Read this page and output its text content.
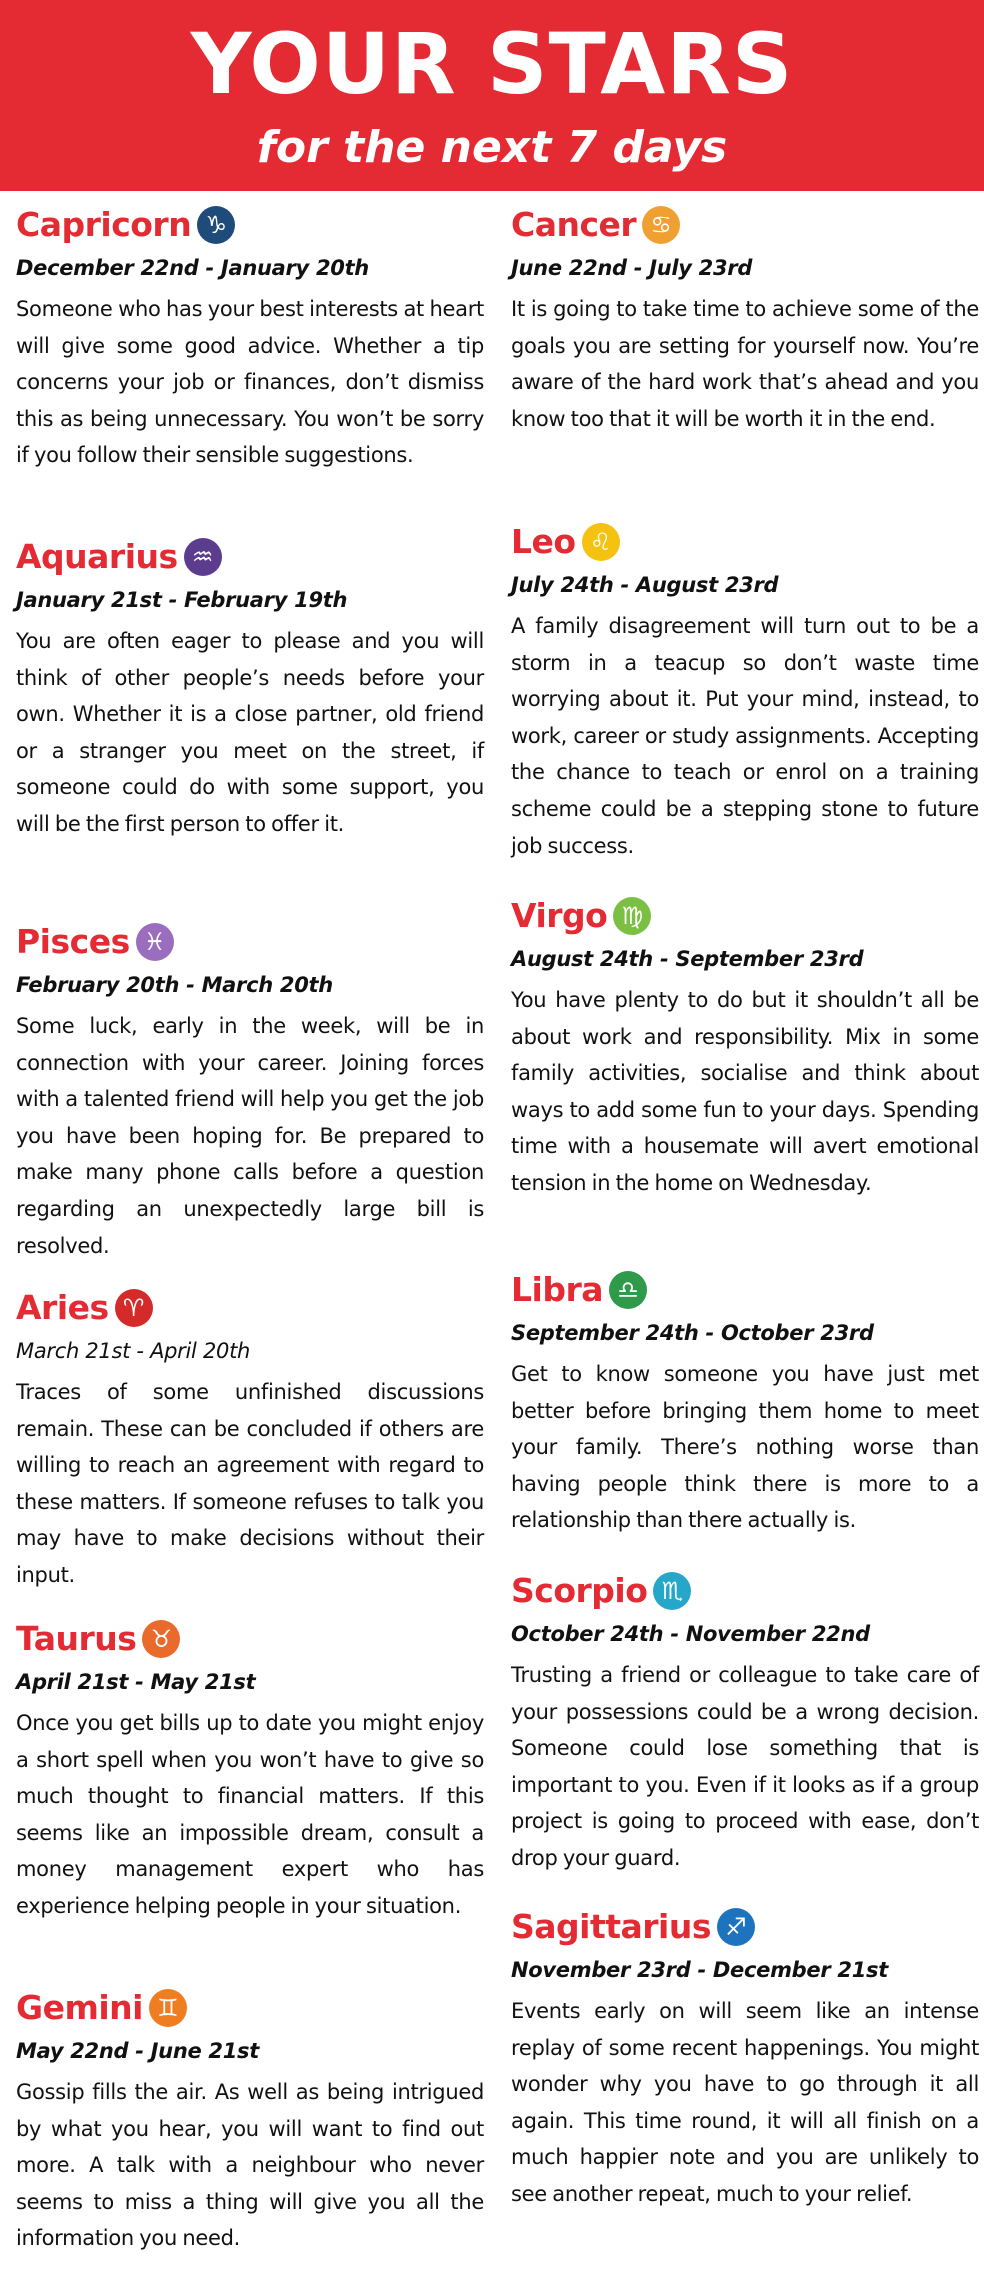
YOUR STARS
for the next 7 days
Capricorn ♑
December 22nd - January 20th
Someone who has your best interests at heart will give some good advice. Whether a tip concerns your job or finances, don’t dismiss this as being unnecessary. You won’t be sorry if you follow their sensible suggestions.
Aquarius ♒
January 21st - February 19th
You are often eager to please and you will think of other people’s needs before your own. Whether it is a close partner, old friend or a stranger you meet on the street, if someone could do with some support, you will be the first person to offer it.
Pisces ♓
February 20th - March 20th
Some luck, early in the week, will be in connection with your career. Joining forces with a talented friend will help you get the job you have been hoping for. Be prepared to make many phone calls before a question regarding an unexpectedly large bill is resolved.
Aries ♈
March 21st - April 20th
Traces of some unfinished discussions remain. These can be concluded if others are willing to reach an agreement with regard to these matters. If someone refuses to talk you may have to make decisions without their input.
Taurus ♉
April 21st - May 21st
Once you get bills up to date you might enjoy a short spell when you won’t have to give so much thought to financial matters. If this seems like an impossible dream, consult a money management expert who has experience helping people in your situation.
Gemini ♊
May 22nd - June 21st
Gossip fills the air. As well as being intrigued by what you hear, you will want to find out more. A talk with a neighbour who never seems to miss a thing will give you all the information you need.
Cancer ♋
June 22nd - July 23rd
It is going to take time to achieve some of the goals you are setting for yourself now. You’re aware of the hard work that’s ahead and you know too that it will be worth it in the end.
Leo ♌
July 24th - August 23rd
A family disagreement will turn out to be a storm in a teacup so don’t waste time worrying about it. Put your mind, instead, to work, career or study assignments. Accepting the chance to teach or enrol on a training scheme could be a stepping stone to future job success.
Virgo ♍
August 24th - September 23rd
You have plenty to do but it shouldn’t all be about work and responsibility. Mix in some family activities, socialise and think about ways to add some fun to your days. Spending time with a housemate will avert emotional tension in the home on Wednesday.
Libra ♎
September 24th - October 23rd
Get to know someone you have just met better before bringing them home to meet your family. There’s nothing worse than having people think there is more to a relationship than there actually is.
Scorpio ♏
October 24th - November 22nd
Trusting a friend or colleague to take care of your possessions could be a wrong decision. Someone could lose something that is important to you. Even if it looks as if a group project is going to proceed with ease, don’t drop your guard.
Sagittarius ♐
November 23rd - December 21st
Events early on will seem like an intense replay of some recent happenings. You might wonder why you have to go through it all again. This time round, it will all finish on a much happier note and you are unlikely to see another repeat, much to your relief.
